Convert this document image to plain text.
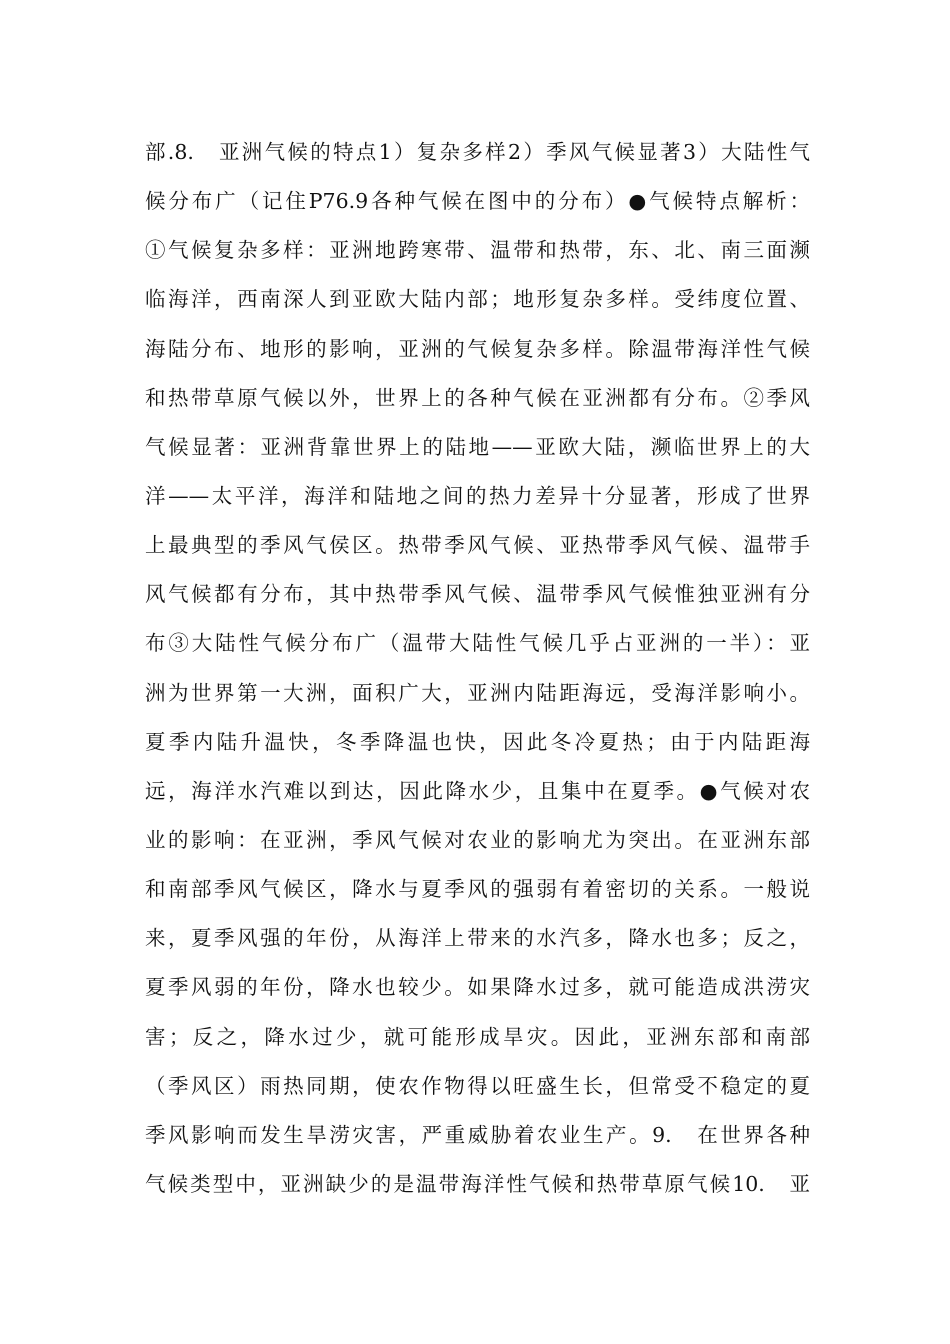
部.8.　亚洲气候的特点1）复杂多样2）季风气候显著3）大陆性气
候分布广（记住P76.9各种气候在图中的分布）●气候特点解析：
①气候复杂多样：亚洲地跨寒带、温带和热带，东、北、南三面濒
临海洋，西南深人到亚欧大陆内部；地形复杂多样。受纬度位置、
海陆分布、地形的影响，亚洲的气候复杂多样。除温带海洋性气候
和热带草原气候以外，世界上的各种气候在亚洲都有分布。②季风
气候显著：亚洲背靠世界上的陆地——亚欧大陆，濒临世界上的大
洋——太平洋，海洋和陆地之间的热力差异十分显著，形成了世界
上最典型的季风气侯区。热带季风气候、亚热带季风气候、温带手
风气候都有分布，其中热带季风气候、温带季风气候惟独亚洲有分
布③大陆性气候分布广（温带大陆性气候几乎占亚洲的一半）：亚
洲为世界第一大洲，面积广大，亚洲内陆距海远，受海洋影响小。
夏季内陆升温快，冬季降温也快，因此冬冷夏热；由于内陆距海
远，海洋水汽难以到达，因此降水少，且集中在夏季。●气候对农
业的影响：在亚洲，季风气候对农业的影响尤为突出。在亚洲东部
和南部季风气候区，降水与夏季风的强弱有着密切的关系。一般说
来，夏季风强的年份，从海洋上带来的水汽多，降水也多；反之，
夏季风弱的年份，降水也较少。如果降水过多，就可能造成洪涝灾
害；反之，降水过少，就可能形成旱灾。因此，亚洲东部和南部
（季风区）雨热同期，使农作物得以旺盛生长，但常受不稳定的夏
季风影响而发生旱涝灾害，严重威胁着农业生产。9.　在世界各种
气候类型中，亚洲缺少的是温带海洋性气候和热带草原气候10.　亚
